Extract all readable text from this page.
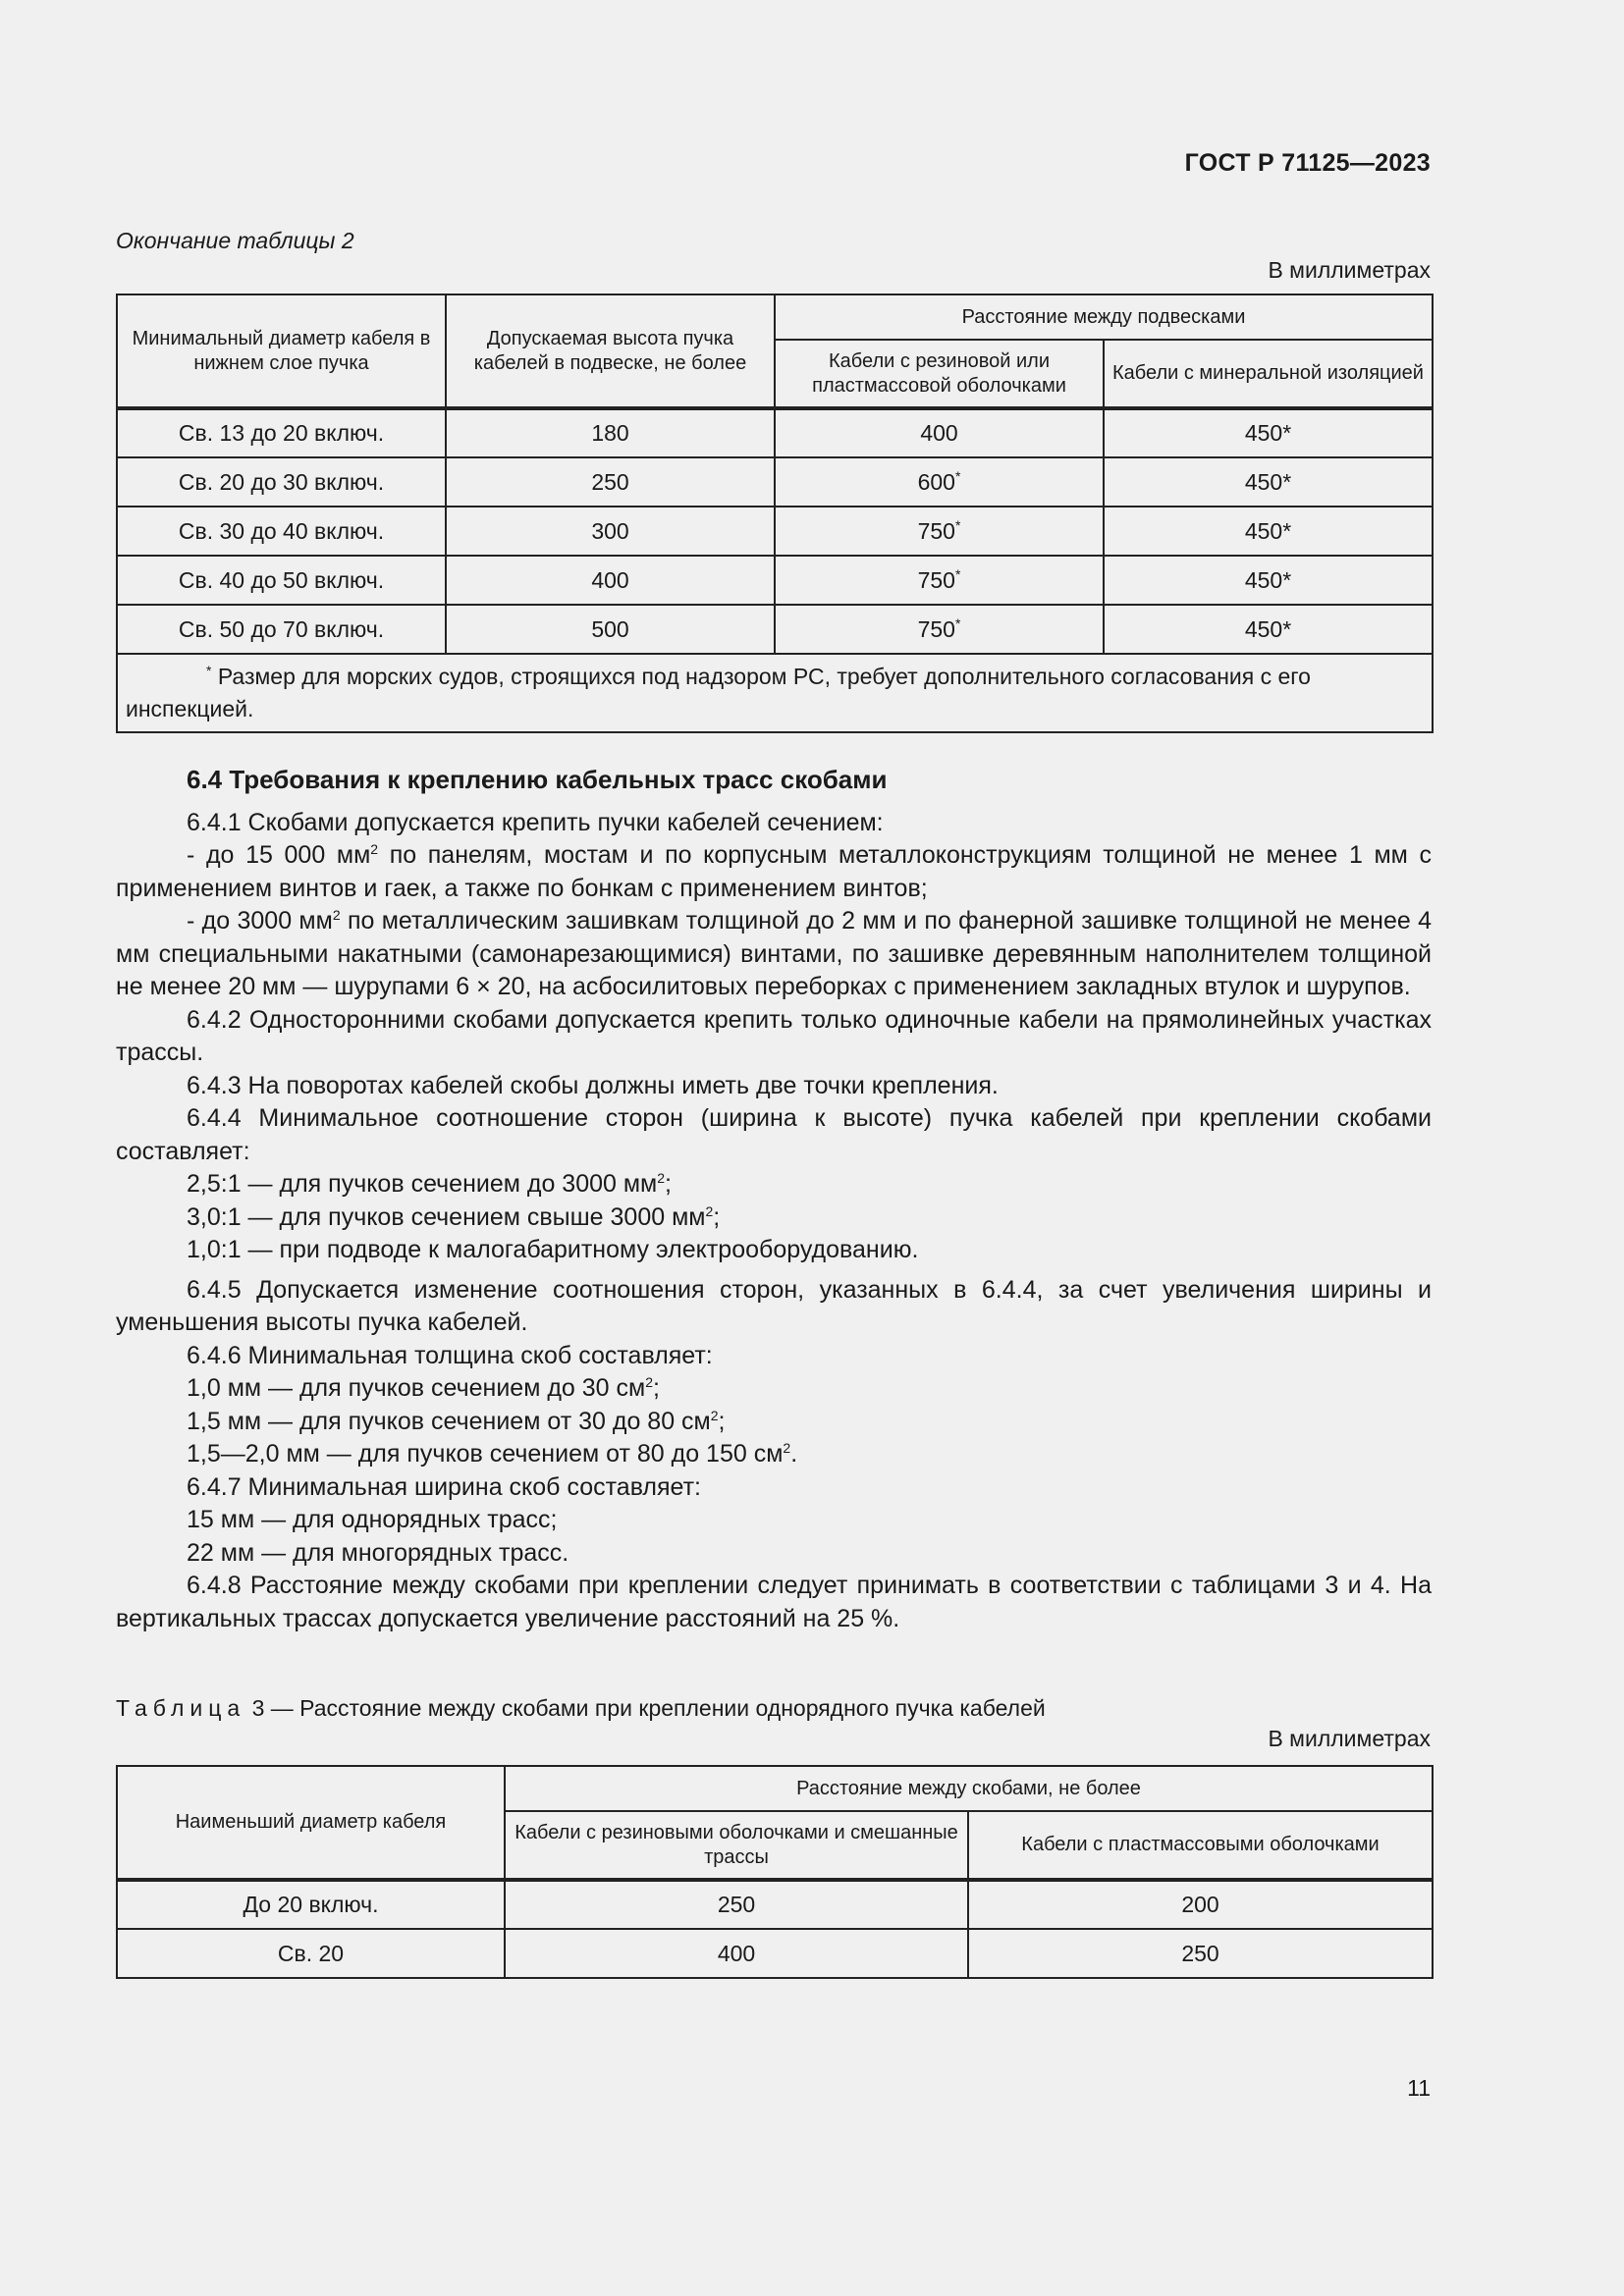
ГОСТ Р 71125—2023
Окончание таблицы 2
В миллиметрах
Минимальный диаметр кабеля в нижнем слое пучка	Допускаемая высота пучка кабелей в подвеске, не более	Расстояние между подвесками	
		Кабели с резиновой или пластмассовой оболочками	Кабели с минеральной изоляцией
Св. 13 до 20 включ.	180	400	450*
Св. 20 до 30 включ.	250	600*	450*
Св. 30 до 40 включ.	300	750*	450*
Св. 40 до 50 включ.	400	750*	450*
Св. 50 до 70 включ.	500	750*	450*
* Размер для морских судов, строящихся под надзором РС, требует дополнительного согласования с его инспекцией.			

6.4 Требования к креплению кабельных трасс скобами

6.4.1 Скобами допускается крепить пучки кабелей сечением:

- до 15 000 $мм^2$ по панелям, мостам и по корпусным металлоконструкциям толщиной не менее 1 мм с применением винтов и гаек, а также по бонкам с применением винтов;

- до 3000 $мм^2$ по металлическим зашивкам толщиной до 2 мм и по фанерной зашивке толщиной не менее 4 мм специальными накатными (самонарезающимися) винтами, по зашивке деревянным наполнителем толщиной не менее 20 мм — шурупами 6 × 20, на асбосилитовых переборках с применением закладных втулок и шурупов.

6.4.2 Односторонними скобами допускается крепить только одиночные кабели на прямолинейных участках трассы.

6.4.3 На поворотах кабелей скобы должны иметь две точки крепления.

6.4.4 Минимальное соотношение сторон (ширина к высоте) пучка кабелей при креплении скобами составляет:

2,5:1 — для пучков сечением до 3000 $мм^2$;

3,0:1 — для пучков сечением свыше 3000 $мм^2$;

1,0:1 — при подводе к малогабаритному электрооборудованию.

6.4.5 Допускается изменение соотношения сторон, указанных в 6.4.4, за счет увеличения ширины и уменьшения высоты пучка кабелей.

6.4.6 Минимальная толщина скоб составляет:

1,0 мм — для пучков сечением до 30 $см^2$;

1,5 мм — для пучков сечением от 30 до 80 $см^2$;

1,5—2,0 мм — для пучков сечением от 80 до 150 $см^2$.

6.4.7 Минимальная ширина скоб составляет:

15 мм — для однорядных трасс;

22 мм — для многорядных трасс.

6.4.8 Расстояние между скобами при креплении следует принимать в соответствии с таблицами 3 и 4. На вертикальных трассах допускается увеличение расстояний на 25 %.

Таблица 3 — Расстояние между скобами при креплении однорядного пучка кабелей
В миллиметрах
Наименьший диаметр кабеля	Расстояние между скобами, не более	
	Кабели с резиновыми оболочками и смешанные трассы	Кабели с пластмассовыми оболочками
До 20 включ.	250	200
Св. 20	400	250
11
